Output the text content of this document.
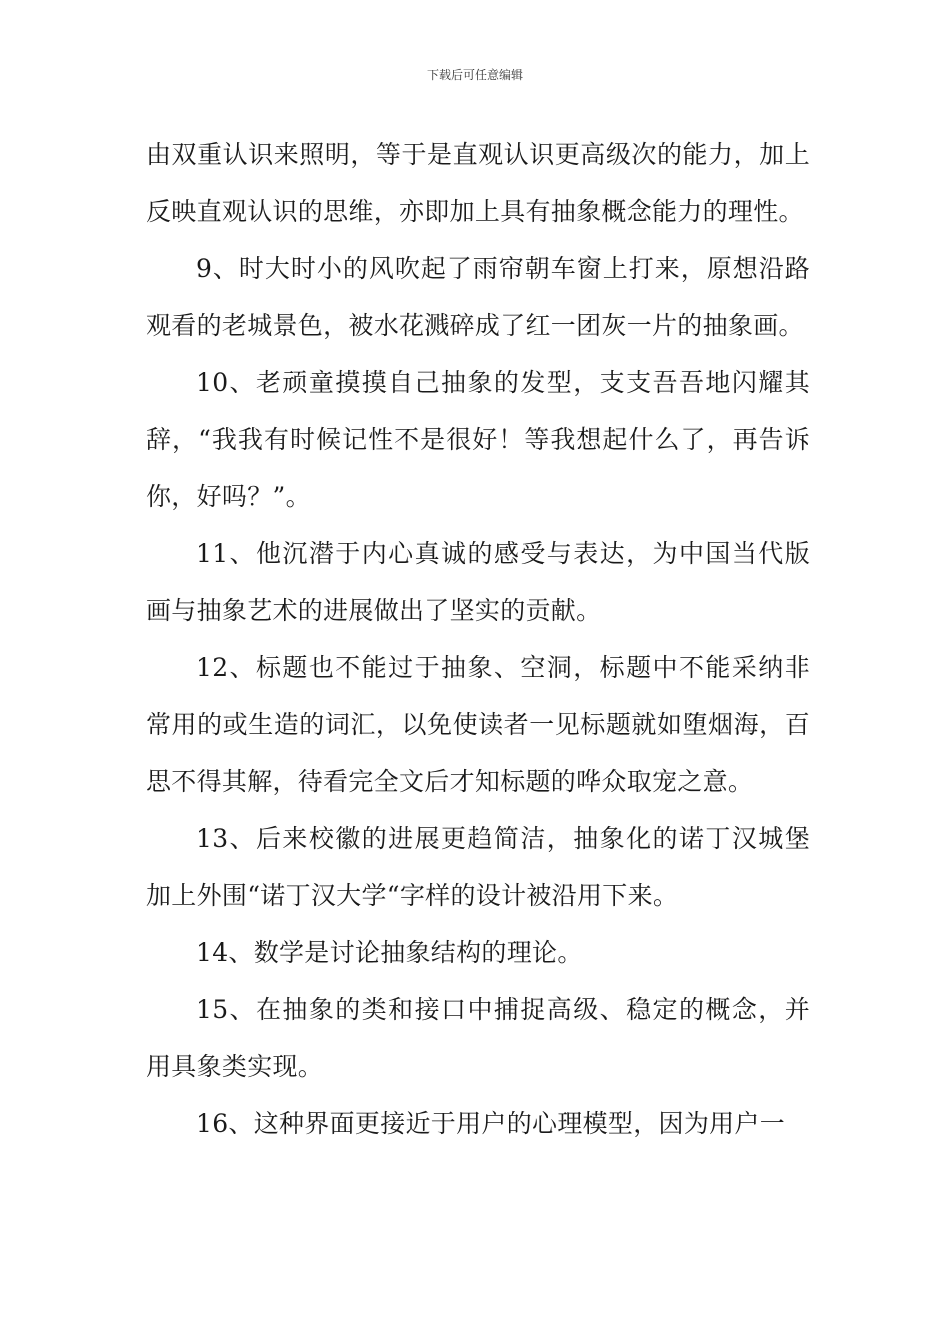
下载后可任意编辑

由双重认识来照明，等于是直观认识更高级次的能力，加上反映直观认识的思维，亦即加上具有抽象概念能力的理性。

9、时大时小的风吹起了雨帘朝车窗上打来，原想沿路观看的老城景色，被水花溅碎成了红一团灰一片的抽象画。

10、老顽童摸摸自己抽象的发型，支支吾吾地闪耀其辞，“我我有时候记性不是很好！等我想起什么了，再告诉你，好吗？”。

11、他沉潜于内心真诚的感受与表达，为中国当代版画与抽象艺术的进展做出了坚实的贡献。

12、标题也不能过于抽象、空洞，标题中不能采纳非常用的或生造的词汇，以免使读者一见标题就如堕烟海，百思不得其解，待看完全文后才知标题的哗众取宠之意。

13、后来校徽的进展更趋简洁，抽象化的诺丁汉城堡加上外围“诺丁汉大学“字样的设计被沿用下来。

14、数学是讨论抽象结构的理论。

15、在抽象的类和接口中捕捉高级、稳定的概念，并用具象类实现。

16、这种界面更接近于用户的心理模型，因为用户一
